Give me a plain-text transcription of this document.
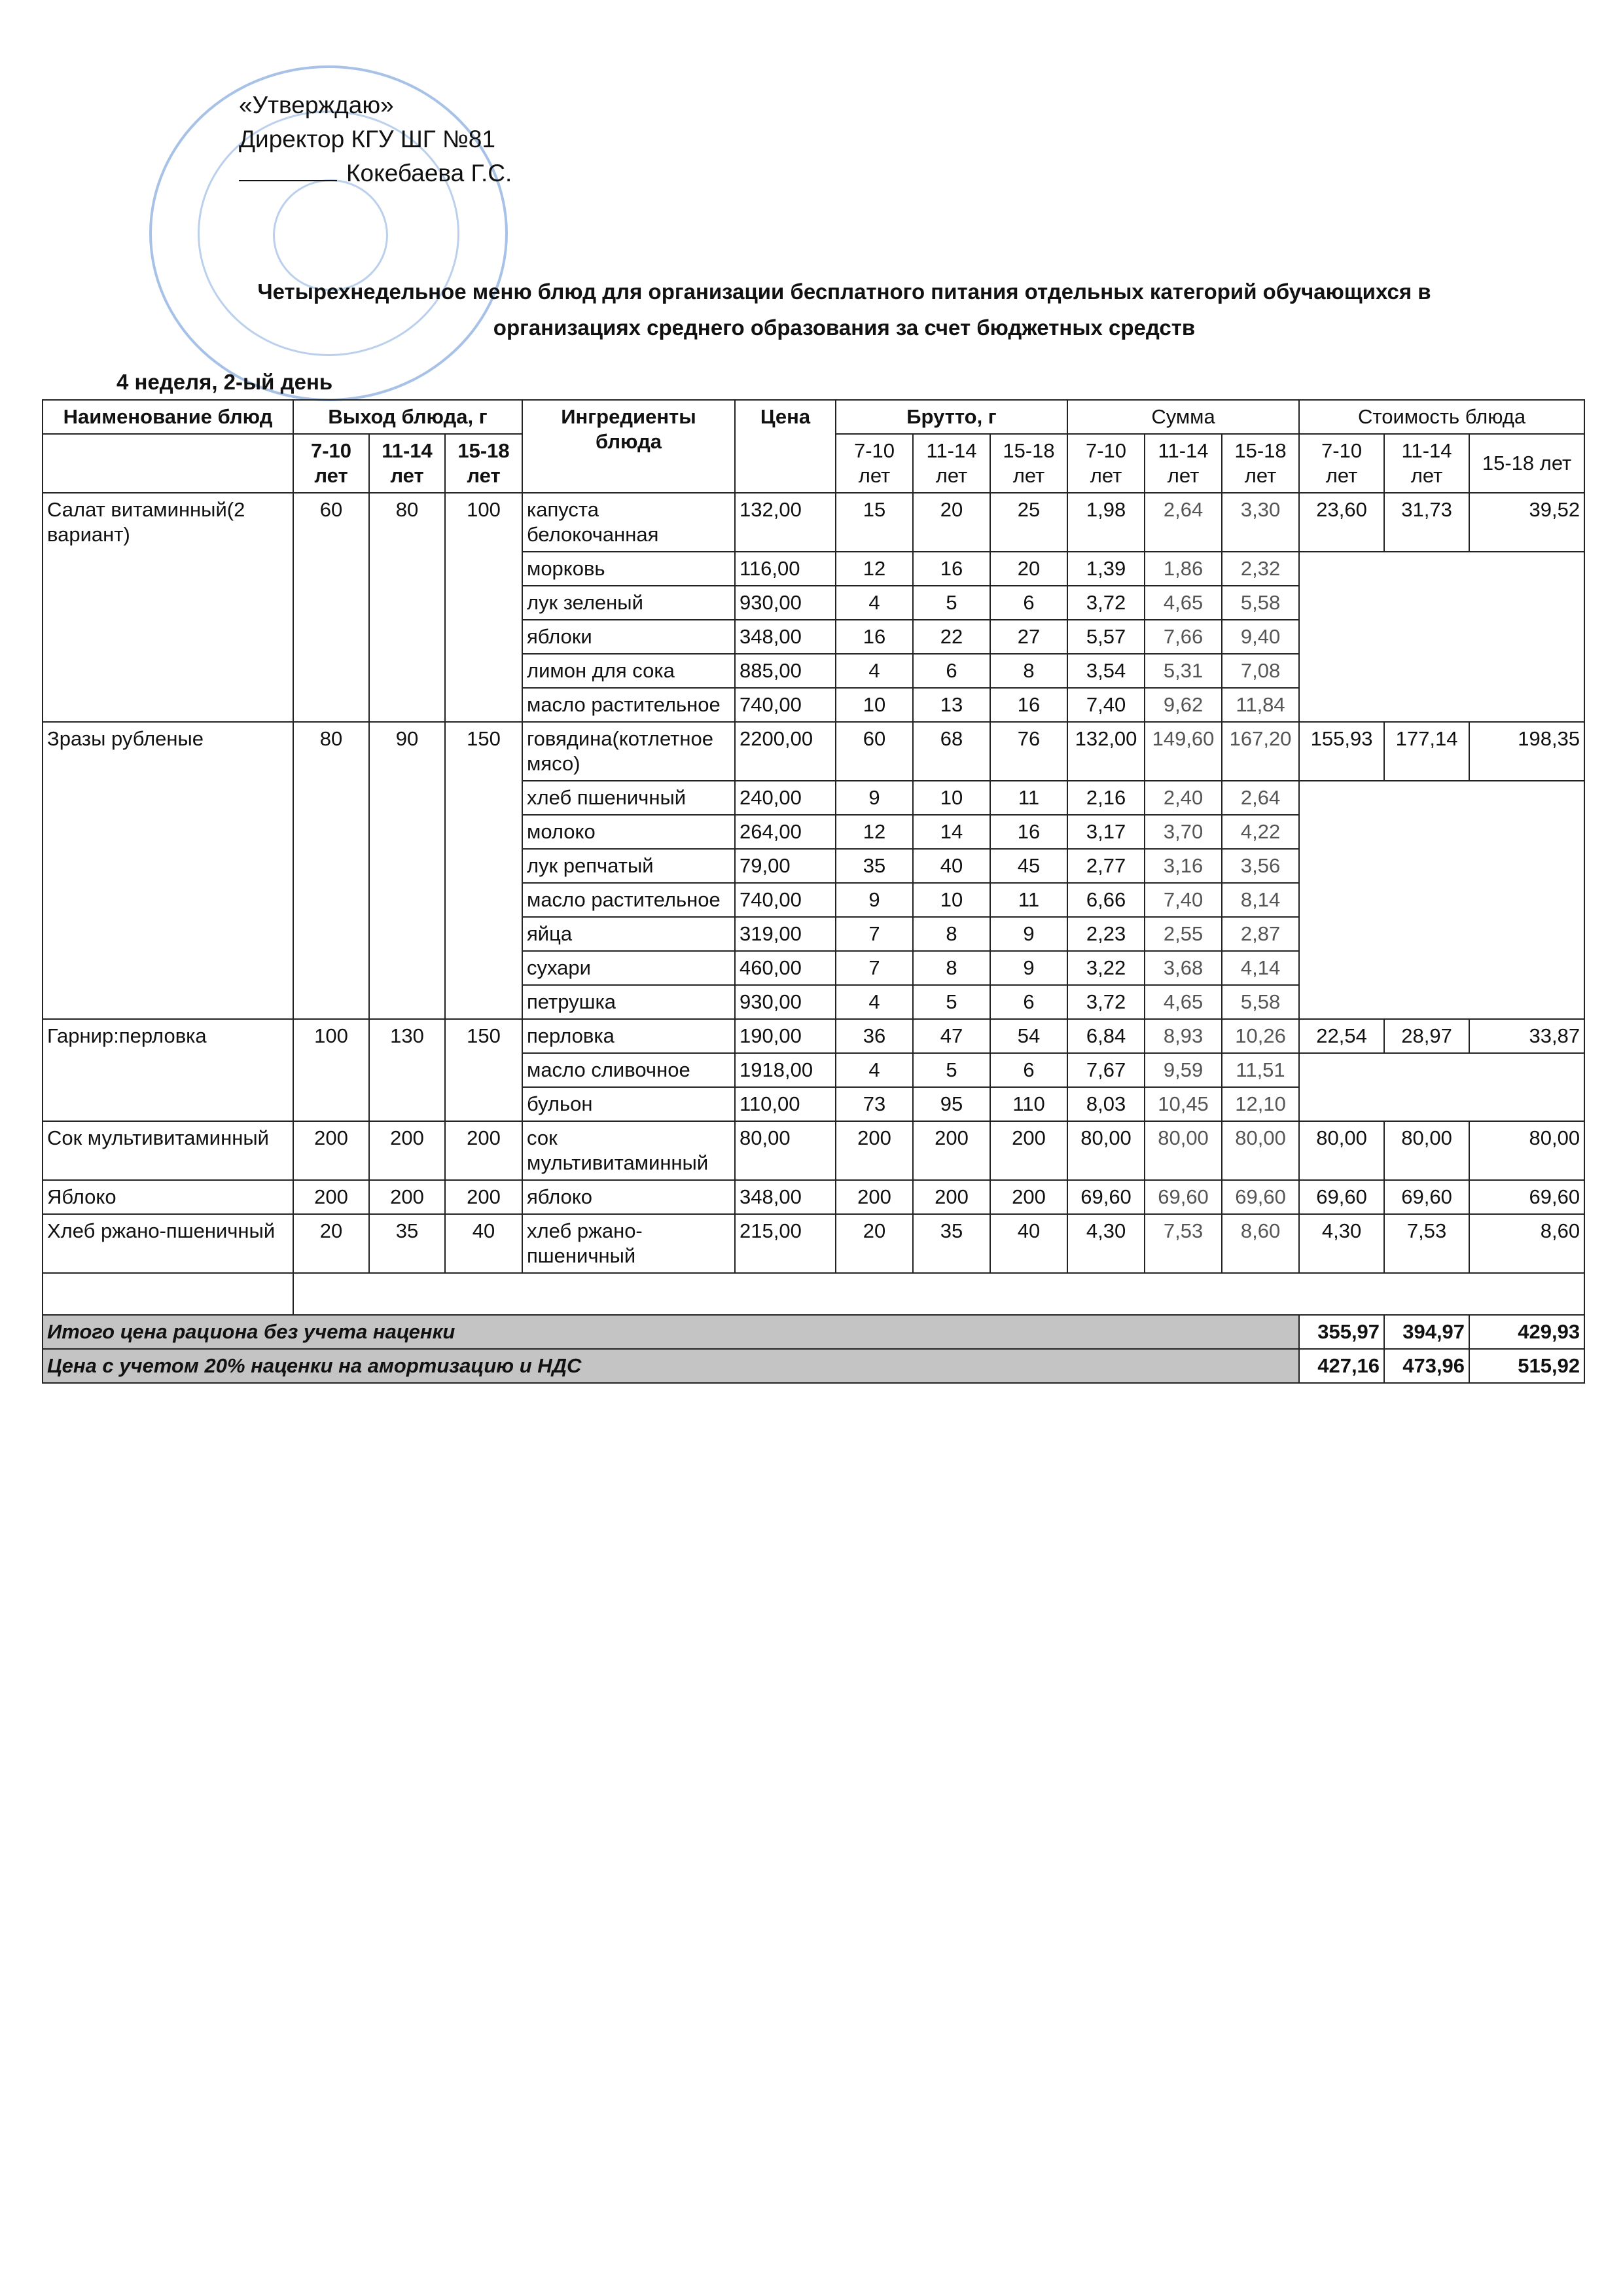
«Утверждаю»
Директор КГУ ШГ №81
Кокебаева Г.С.
Четырехнедельное меню блюд для организации бесплатного питания отдельных категорий обучающихся в организациях среднего образования за счет бюджетных средств
4 неделя, 2-ый день
Наименование блюд	Выход блюда, г			Ингредиенты блюда	Цена	Брутто, г			Сумма			Стоимость блюда		
	7-10 лет	11-14 лет	15-18 лет			7-10 лет	11-14 лет	15-18 лет	7-10 лет	11-14 лет	15-18 лет	7-10 лет	11-14 лет	15-18 лет
Салат витаминный(2 вариант)	60	80	100	капуста белокочанная	132,00	15	20	25	1,98	2,64	3,30	23,60	31,73	39,52
				морковь	116,00	12	16	20	1,39	1,86	2,32			
				лук зеленый	930,00	4	5	6	3,72	4,65	5,58			
				яблоки	348,00	16	22	27	5,57	7,66	9,40			
				лимон для сока	885,00	4	6	8	3,54	5,31	7,08			
				масло растительное	740,00	10	13	16	7,40	9,62	11,84			
Зразы рубленые	80	90	150	говядина(котлетное мясо)	2200,00	60	68	76	132,00	149,60	167,20	155,93	177,14	198,35
				хлеб пшеничный	240,00	9	10	11	2,16	2,40	2,64			
				молоко	264,00	12	14	16	3,17	3,70	4,22			
				лук репчатый	79,00	35	40	45	2,77	3,16	3,56			
				масло растительное	740,00	9	10	11	6,66	7,40	8,14			
				яйца	319,00	7	8	9	2,23	2,55	2,87			
				сухари	460,00	7	8	9	3,22	3,68	4,14			
				петрушка	930,00	4	5	6	3,72	4,65	5,58			
Гарнир:перловка	100	130	150	перловка	190,00	36	47	54	6,84	8,93	10,26	22,54	28,97	33,87
				масло сливочное	1918,00	4	5	6	7,67	9,59	11,51			
				бульон	110,00	73	95	110	8,03	10,45	12,10			
Сок мультивитаминный	200	200	200	сок мультивитаминный	80,00	200	200	200	80,00	80,00	80,00	80,00	80,00	80,00
Яблоко	200	200	200	яблоко	348,00	200	200	200	69,60	69,60	69,60	69,60	69,60	69,60
Хлеб ржано-пшеничный	20	35	40	хлеб ржано-пшеничный	215,00	20	35	40	4,30	7,53	8,60	4,30	7,53	8,60

Итого цена рациона без учета наценки												355,97	394,97	429,93
Цена с учетом 20% наценки на амортизацию и НДС												427,16	473,96	515,92
